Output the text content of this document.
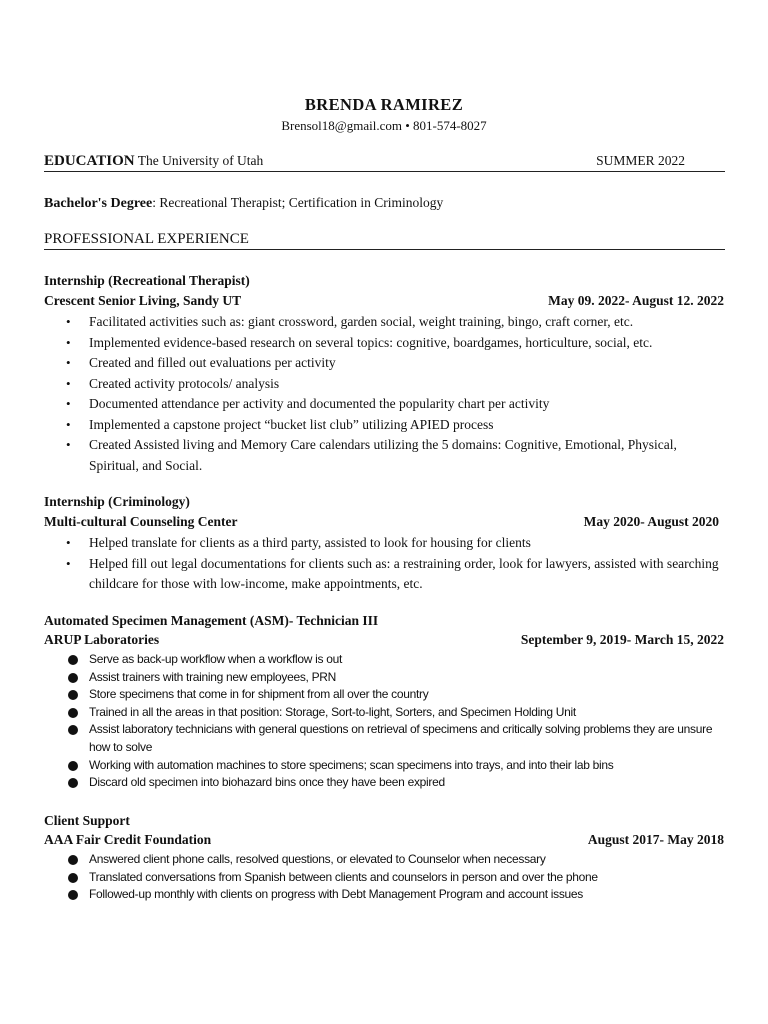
BRENDA RAMIREZ
Brensol18@gmail.com • 801-574-8027
EDUCATION The University of Utah	SUMMER 2022
Bachelor's Degree: Recreational Therapist; Certification in Criminology
PROFESSIONAL EXPERIENCE
Internship (Recreational Therapist)
Crescent Senior Living, Sandy UT	May 09. 2022- August 12. 2022
• Facilitated activities such as: giant crossword, garden social, weight training, bingo, craft corner, etc.
• Implemented evidence-based research on several topics: cognitive, boardgames, horticulture, social, etc.
• Created and filled out evaluations per activity
• Created activity protocols/ analysis
• Documented attendance per activity and documented the popularity chart per activity
• Implemented a capstone project “bucket list club” utilizing APIED process
• Created Assisted living and Memory Care calendars utilizing the 5 domains: Cognitive, Emotional, Physical, Spiritual, and Social.
Internship (Criminology)
Multi-cultural Counseling Center	May 2020- August 2020
• Helped translate for clients as a third party, assisted to look for housing for clients
• Helped fill out legal documentations for clients such as: a restraining order, look for lawyers, assisted with searching childcare for those with low-income, make appointments, etc.
Automated Specimen Management (ASM)- Technician III
ARUP Laboratories	September 9, 2019- March 15, 2022
Serve as back-up workflow when a workflow is out
Assist trainers with training new employees, PRN
Store specimens that come in for shipment from all over the country
Trained in all the areas in that position: Storage, Sort-to-light, Sorters, and Specimen Holding Unit
Assist laboratory technicians with general questions on retrieval of specimens and critically solving problems they are unsure how to solve
Working with automation machines to store specimens; scan specimens into trays, and into their lab bins
Discard old specimen into biohazard bins once they have been expired
Client Support
AAA Fair Credit Foundation	August 2017- May 2018
Answered client phone calls, resolved questions, or elevated to Counselor when necessary
Translated conversations from Spanish between clients and counselors in person and over the phone
Followed-up monthly with clients on progress with Debt Management Program and account issues
